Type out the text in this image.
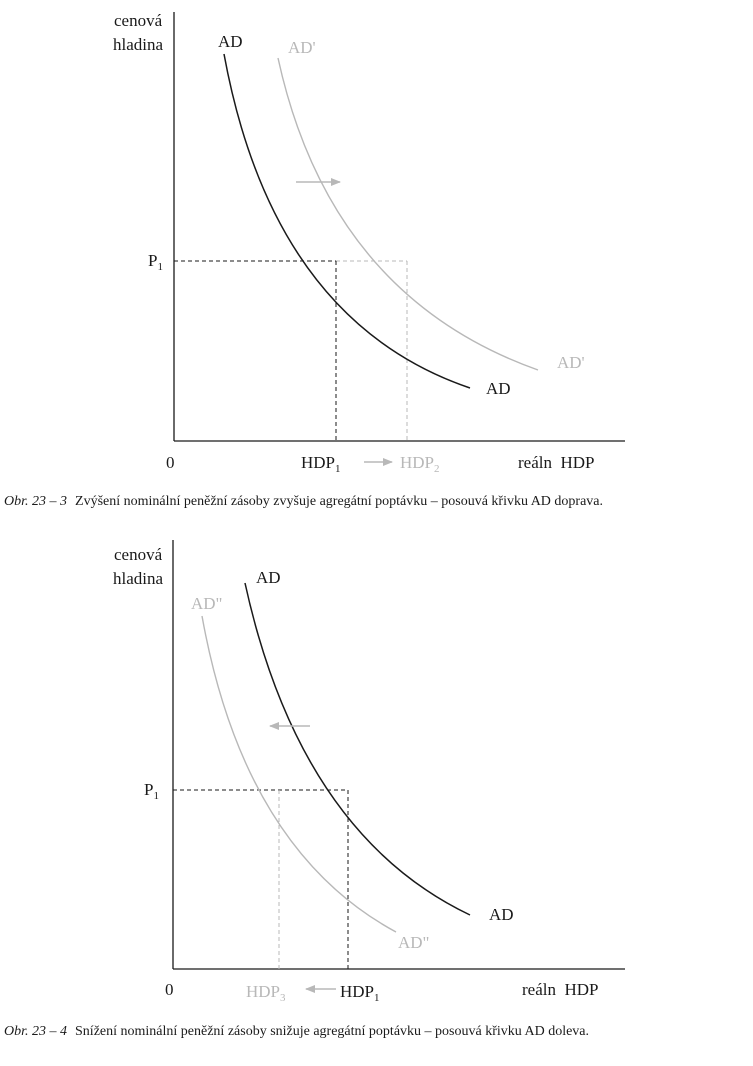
cenová
hladina
0	reáln  HDP
$P_1$
AD	AD'
AD'
AD
$HDP_1$	$HDP_2$
Obr. 23 – 3 Zvýšení nominální peněžní zásoby zvyšuje agregátní poptávku – posouvá křivku AD doprava.
cenová
hladina
0	reáln  HDP
$P_1$
AD
AD"
AD
AD"
$HDP_3$	$HDP_1$
Obr. 23 – 4 Snížení nominální peněžní zásoby snižuje agregátní poptávku – posouvá křivku AD doleva.
